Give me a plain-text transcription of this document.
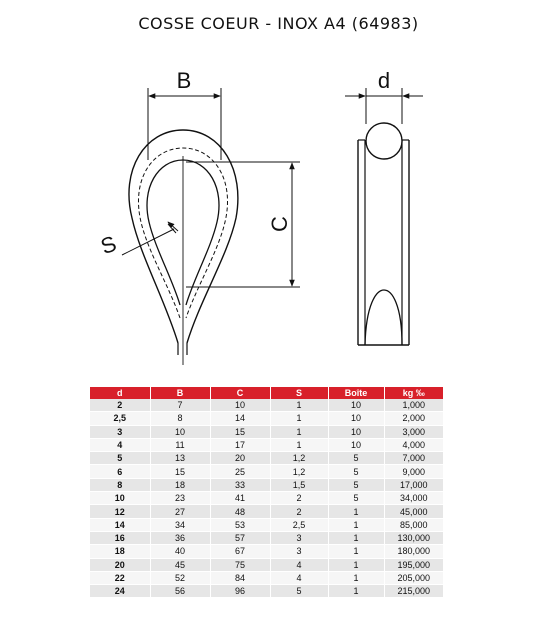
COSSE COEUR - INOX A4 (64983)
B
C
S
d
d	B	C	S	Boîte	kg ‰
2	7	10	1	10	1,000
2,5	8	14	1	10	2,000
3	10	15	1	10	3,000
4	11	17	1	10	4,000
5	13	20	1,2	5	7,000
6	15	25	1,2	5	9,000
8	18	33	1,5	5	17,000
10	23	41	2	5	34,000
12	27	48	2	1	45,000
14	34	53	2,5	1	85,000
16	36	57	3	1	130,000
18	40	67	3	1	180,000
20	45	75	4	1	195,000
22	52	84	4	1	205,000
24	56	96	5	1	215,000
